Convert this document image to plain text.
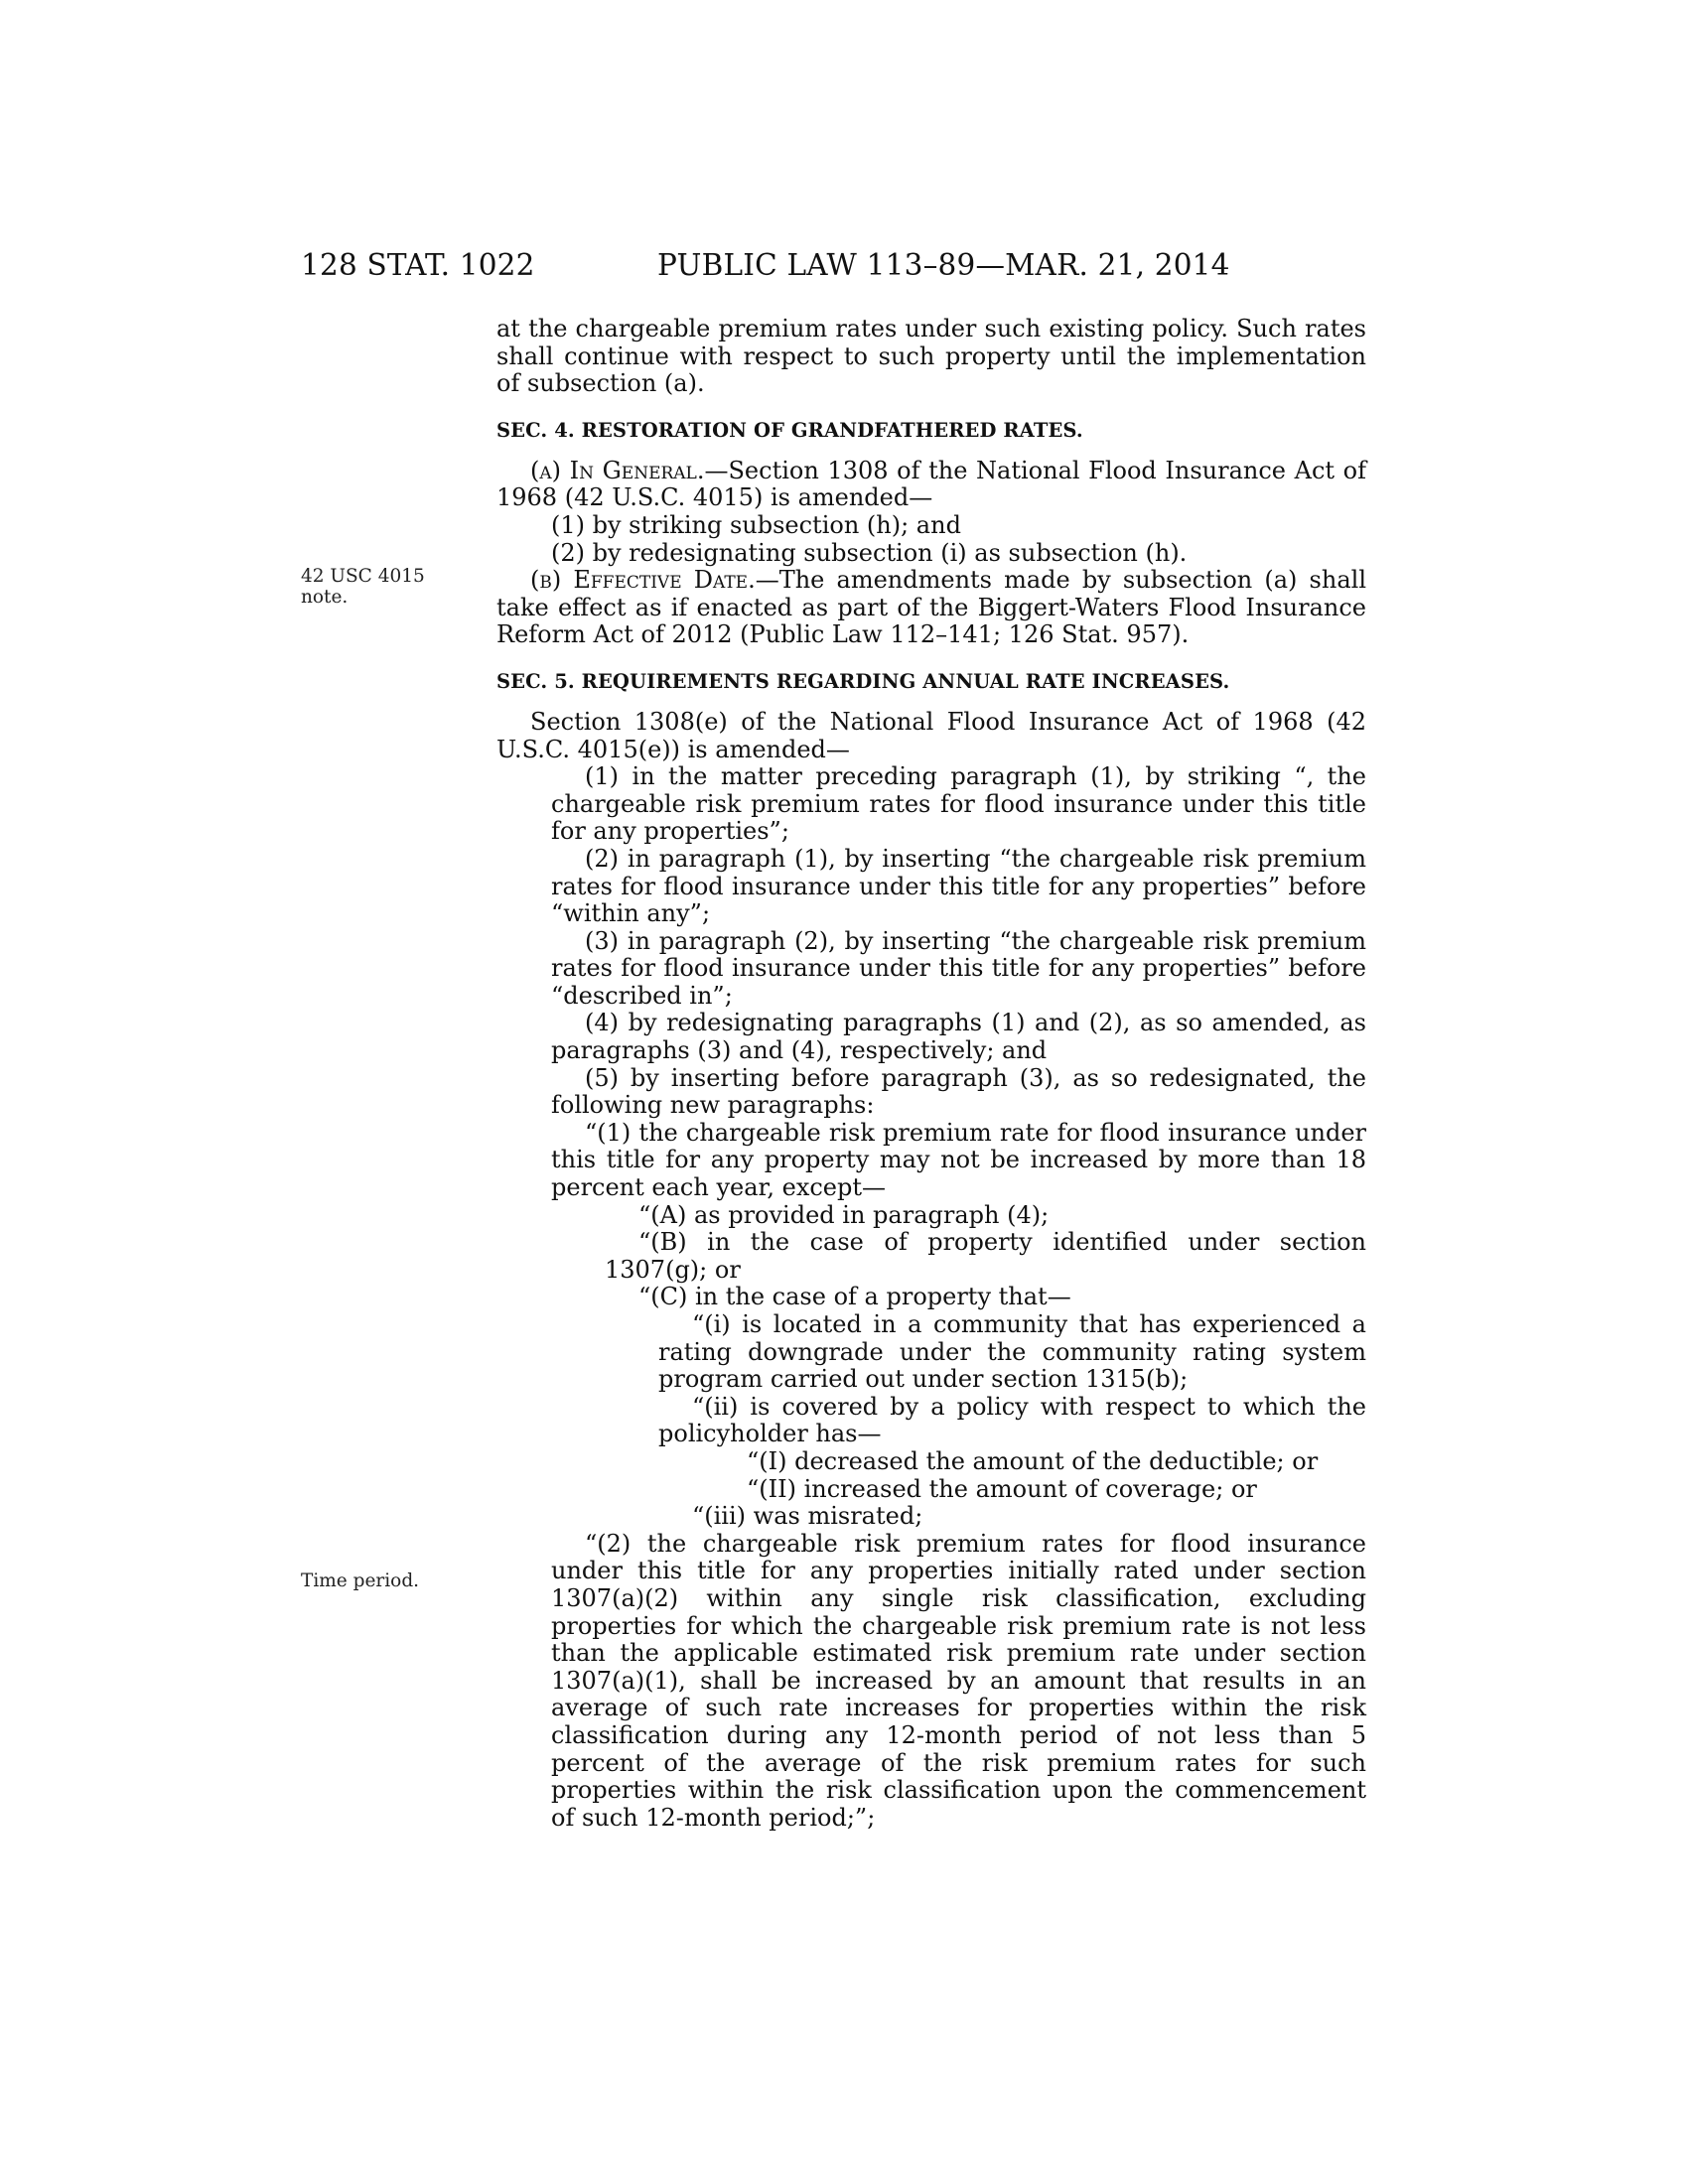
128 STAT. 1022	PUBLIC LAW 113–89—MAR. 21, 2014
42 USC 4015
note.
Time period.

at the chargeable premium rates under such existing policy. Such rates shall continue with respect to such property until the implementation of subsection (a).

SEC. 4. RESTORATION OF GRANDFATHERED RATES.

(a) In General.—Section 1308 of the National Flood Insurance Act of 1968 (42 U.S.C. 4015) is amended—

(1) by striking subsection (h); and

(2) by redesignating subsection (i) as subsection (h).

(b) Effective Date.—The amendments made by subsection (a) shall take effect as if enacted as part of the Biggert-Waters Flood Insurance Reform Act of 2012 (Public Law 112–141; 126 Stat. 957).

SEC. 5. REQUIREMENTS REGARDING ANNUAL RATE INCREASES.

Section 1308(e) of the National Flood Insurance Act of 1968 (42 U.S.C. 4015(e)) is amended—

(1) in the matter preceding paragraph (1), by striking “, the chargeable risk premium rates for flood insurance under this title for any properties”;

(2) in paragraph (1), by inserting “the chargeable risk premium rates for flood insurance under this title for any properties” before “within any”;

(3) in paragraph (2), by inserting “the chargeable risk premium rates for flood insurance under this title for any properties” before “described in”;

(4) by redesignating paragraphs (1) and (2), as so amended, as paragraphs (3) and (4), respectively; and

(5) by inserting before paragraph (3), as so redesignated, the following new paragraphs:

“(1) the chargeable risk premium rate for flood insurance under this title for any property may not be increased by more than 18 percent each year, except—

“(A) as provided in paragraph (4);

“(B) in the case of property identified under section 1307(g); or

“(C) in the case of a property that—

“(i) is located in a community that has experienced a rating downgrade under the community rating system program carried out under section 1315(b);

“(ii) is covered by a policy with respect to which the policyholder has—

“(I) decreased the amount of the deductible; or

“(II) increased the amount of coverage; or

“(iii) was misrated;

“(2) the chargeable risk premium rates for flood insurance under this title for any properties initially rated under section 1307(a)(2) within any single risk classification, excluding properties for which the chargeable risk premium rate is not less than the applicable estimated risk premium rate under section 1307(a)(1), shall be increased by an amount that results in an average of such rate increases for properties within the risk classification during any 12-month period of not less than 5 percent of the average of the risk premium rates for such properties within the risk classification upon the commencement of such 12-month period;”;
